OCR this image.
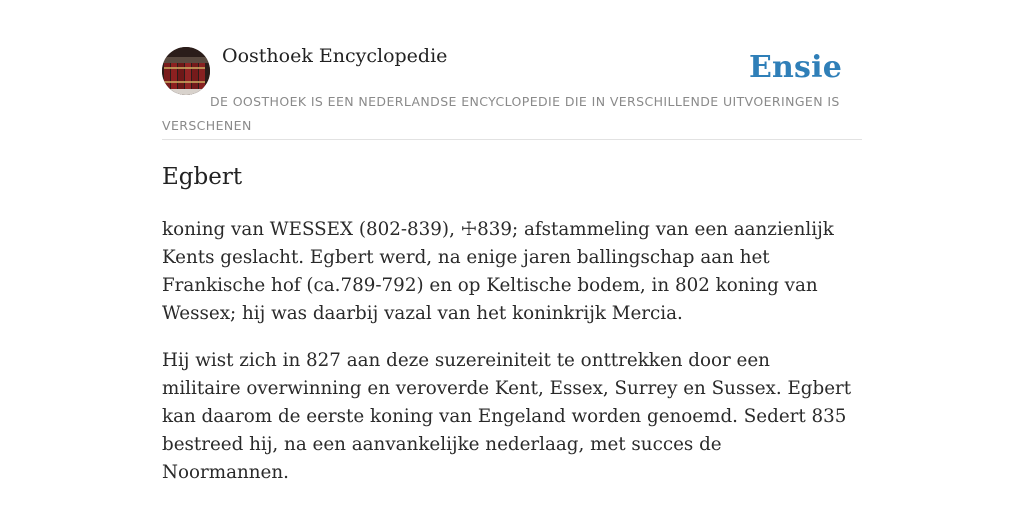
Oosthoek Encyclopedie	Ensie
DE OOSTHOEK IS EEN NEDERLANDSE ENCYCLOPEDIE DIE IN VERSCHILLENDE UITVOERINGEN IS VERSCHENEN
Egbert

koning van WESSEX (802-839), ☩839; afstammeling van een aanzienlijk Kents geslacht. Egbert werd, na enige jaren ballingschap aan het Frankische hof (ca.789-792) en op Keltische bodem, in 802 koning van Wessex; hij was daarbij vazal van het koninkrijk Mercia.

Hij wist zich in 827 aan deze suzereiniteit te onttrekken door een militaire overwinning en veroverde Kent, Essex, Surrey en Sussex. Egbert kan daarom de eerste koning van Engeland worden genoemd. Sedert 835 bestreed hij, na een aanvankelijke nederlaag, met succes de Noormannen.
